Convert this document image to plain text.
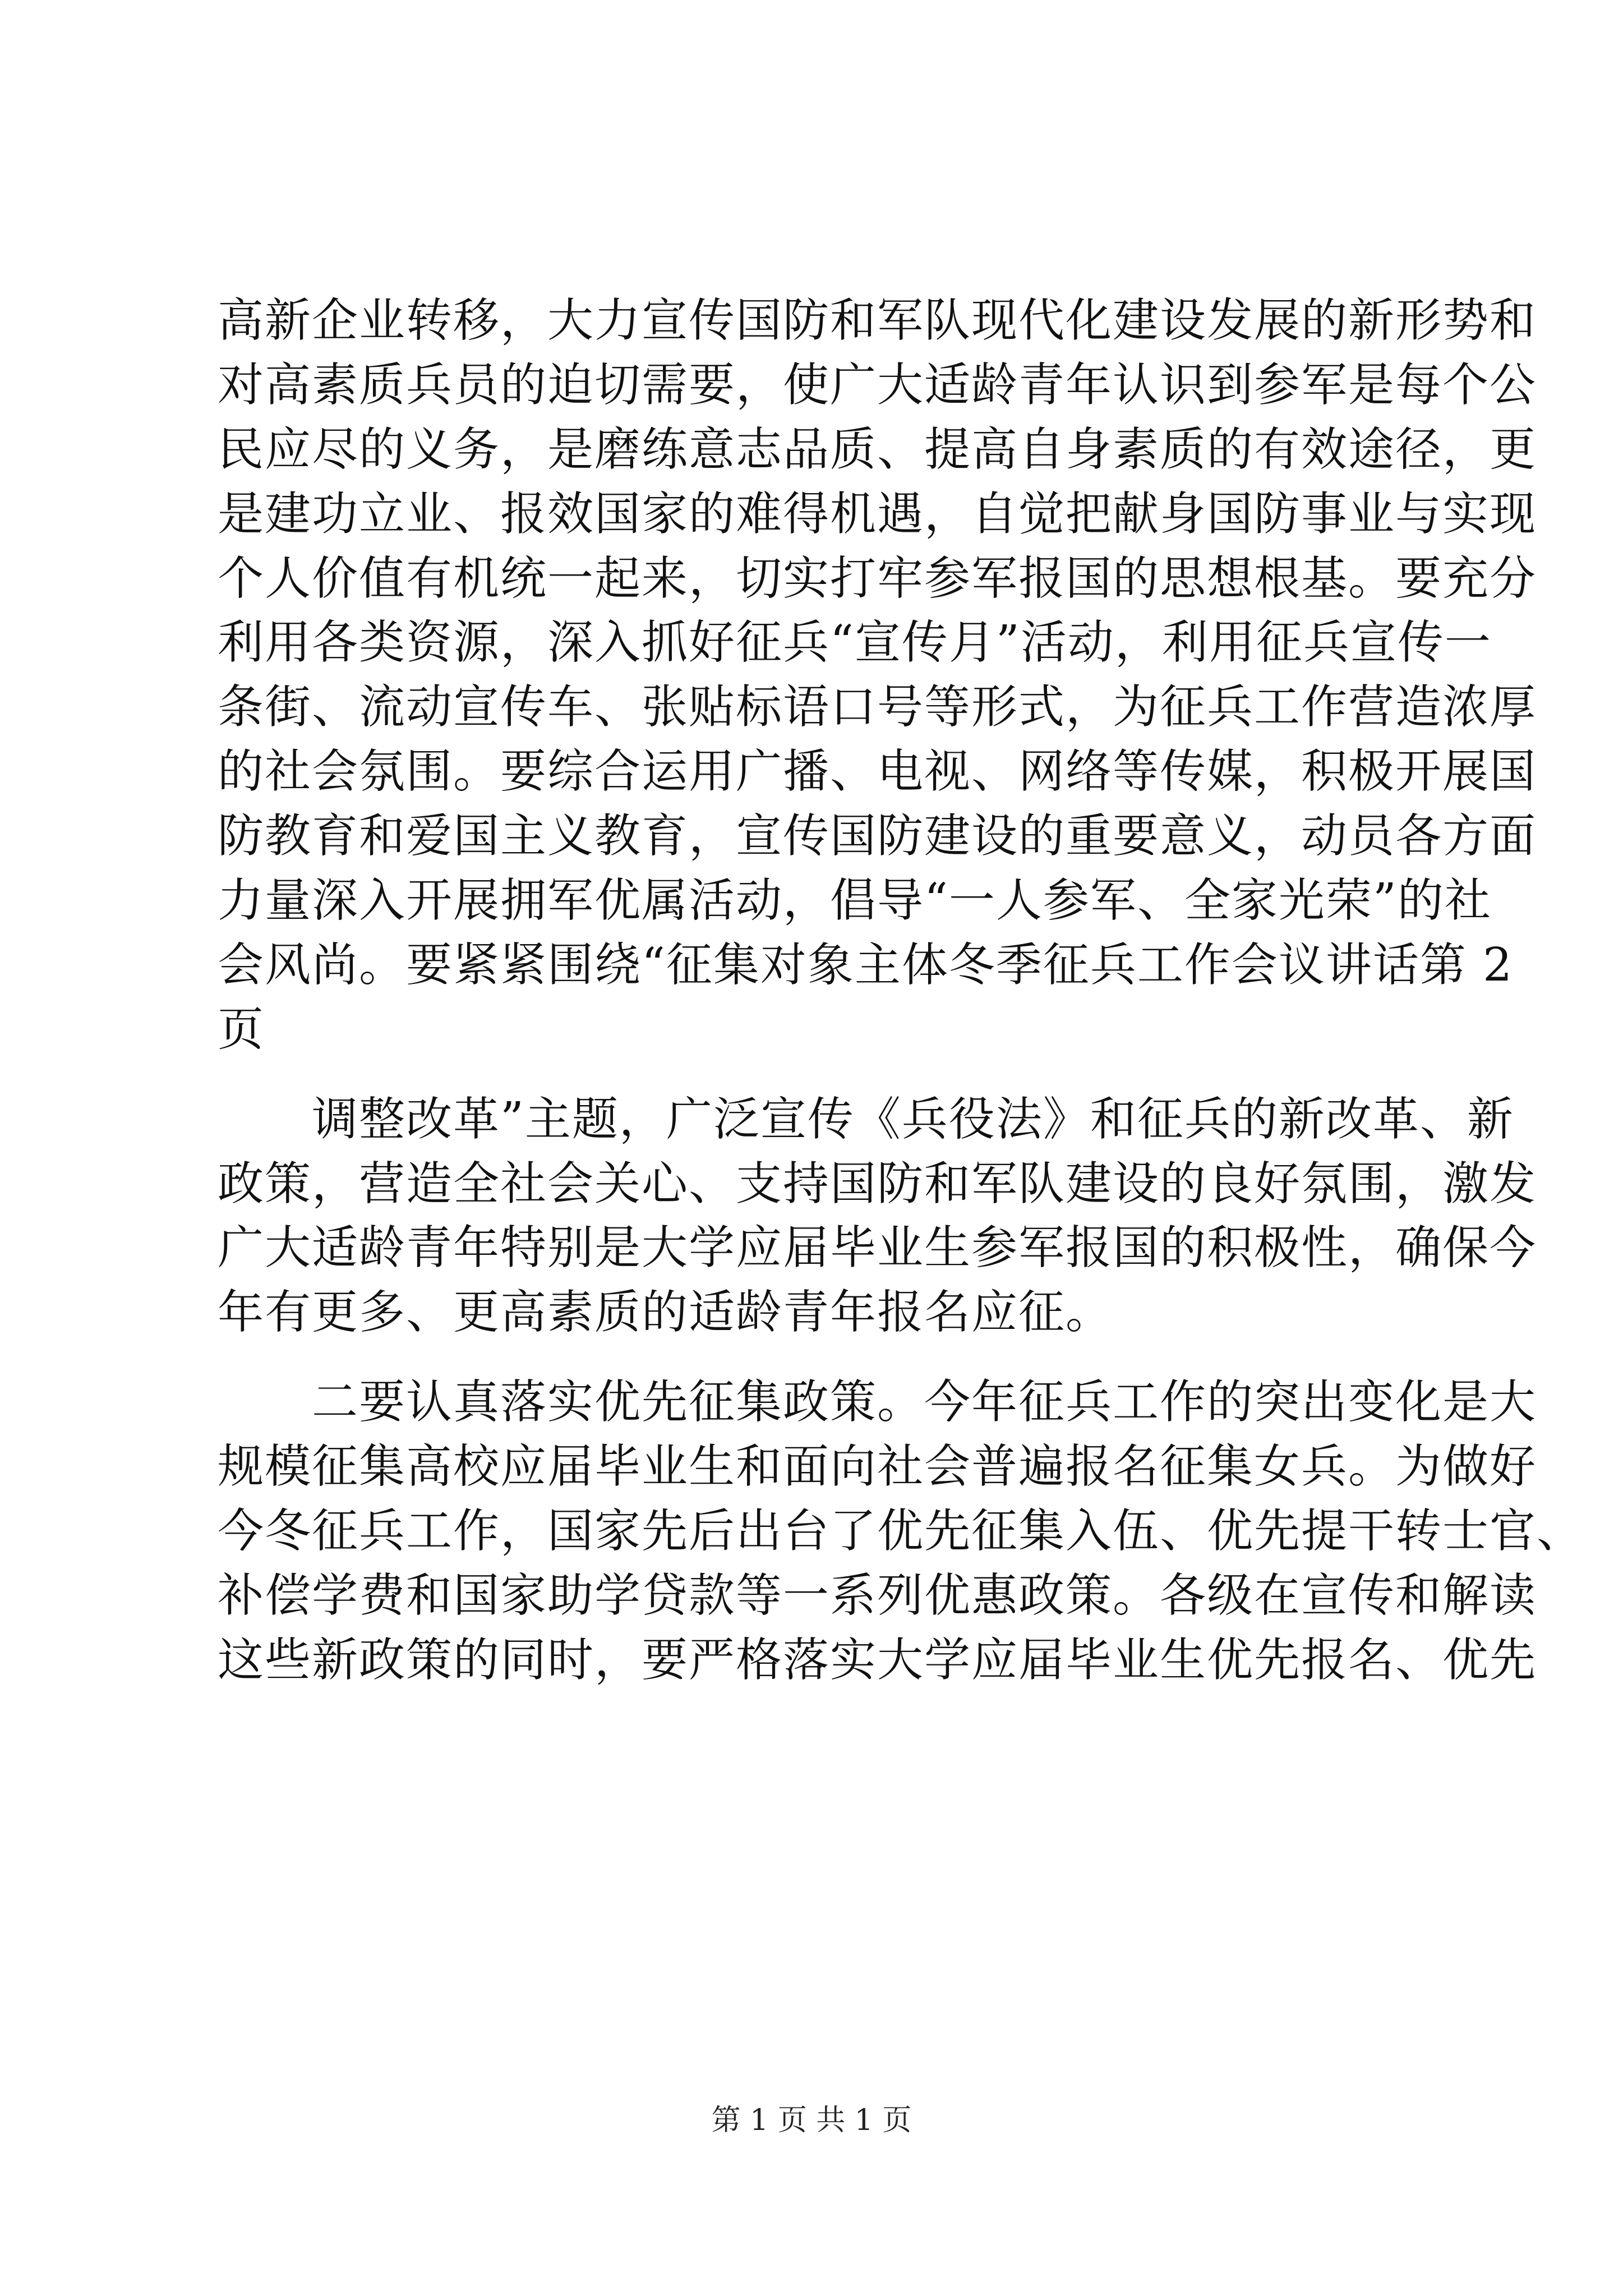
高新企业转移，大力宣传国防和军队现代化建设发展的新形势和
对高素质兵员的迫切需要，使广大适龄青年认识到参军是每个公
民应尽的义务，是磨练意志品质、提高自身素质的有效途径，更
是建功立业、报效国家的难得机遇，自觉把献身国防事业与实现
个人价值有机统一起来，切实打牢参军报国的思想根基。要充分
利用各类资源，深入抓好征兵“宣传月”活动，利用征兵宣传一
条街、流动宣传车、张贴标语口号等形式，为征兵工作营造浓厚
的社会氛围。要综合运用广播、电视、网络等传媒，积极开展国
防教育和爱国主义教育，宣传国防建设的重要意义，动员各方面
力量深入开展拥军优属活动，倡导“一人参军、全家光荣”的社
会风尚。要紧紧围绕“征集对象主体冬季征兵工作会议讲话第 2
页
　　调整改革”主题，广泛宣传《兵役法》和征兵的新改革、新
政策，营造全社会关心、支持国防和军队建设的良好氛围，激发
广大适龄青年特别是大学应届毕业生参军报国的积极性，确保今
年有更多、更高素质的适龄青年报名应征。
　　二要认真落实优先征集政策。今年征兵工作的突出变化是大
规模征集高校应届毕业生和面向社会普遍报名征集女兵。为做好
今冬征兵工作，国家先后出台了优先征集入伍、优先提干转士官、
补偿学费和国家助学贷款等一系列优惠政策。各级在宣传和解读
这些新政策的同时，要严格落实大学应届毕业生优先报名、优先
第 1 页 共 1 页
